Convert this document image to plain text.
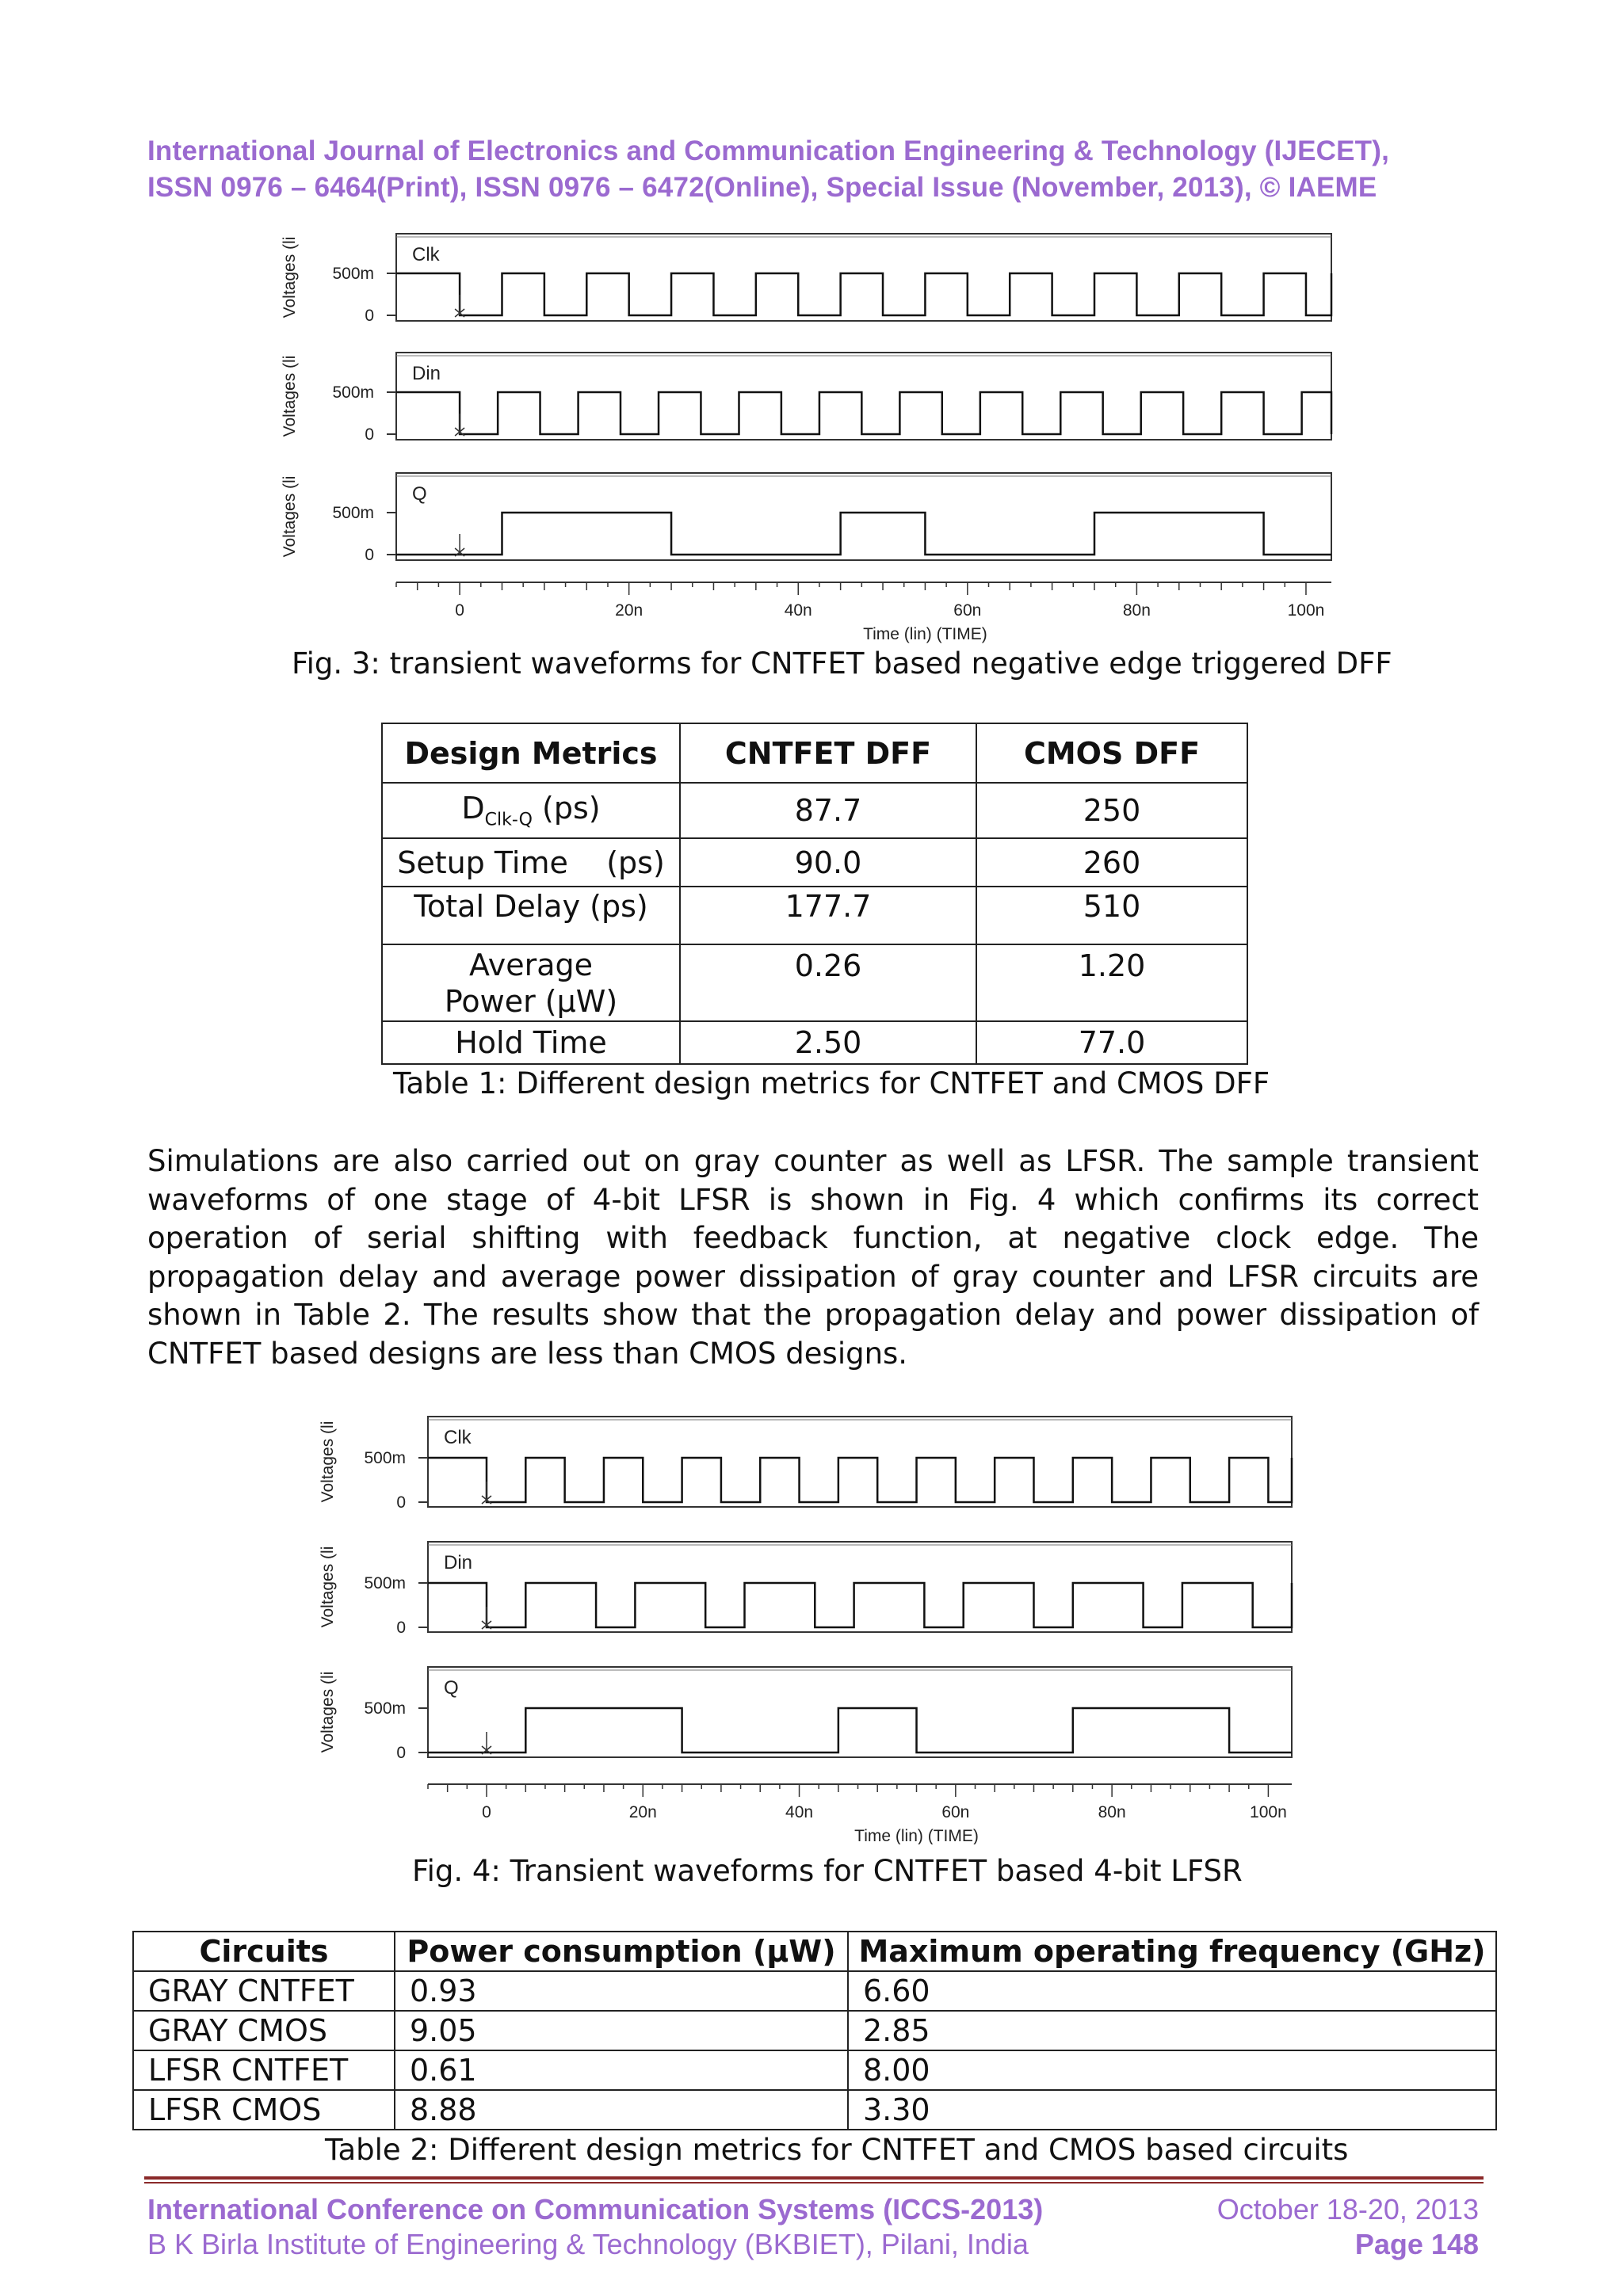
International Journal of Electronics and Communication Engineering & Technology (IJECET),
ISSN 0976 – 6464(Print), ISSN 0976 – 6472(Online), Special Issue (November, 2013), © IAEME
500m
0
Voltages (li	Clk
500m
0
Voltages (li	Din
500m
0
Voltages (li	Q
0	20n	40n	60n	80n	100n
Time (lin) (TIME)
Fig. 3: transient waveforms for CNTFET based negative edge triggered DFF
Design Metrics	CNTFET DFF	CMOS DFF
$D_{Clk-Q}$ (ps)	87.7	250
Setup Time    (ps)	90.0	260
Total Delay (ps)	177.7	510
Average  Power (μW)	0.26	1.20
Hold Time	2.50	77.0
Table 1: Different design metrics for CNTFET and CMOS DFF
Simulations are also carried out on gray counter as well as LFSR. The sample transient waveforms of one stage of 4-bit LFSR is shown in Fig. 4 which confirms its correct operation of serial shifting with feedback function, at negative clock edge. The propagation delay and average power dissipation of gray counter and LFSR circuits are shown in Table 2. The results show that the propagation delay and power dissipation of CNTFET based designs are less than CMOS designs.
500m
0
Voltages (li	Clk
500m
0
Voltages (li	Din
500m
0
Voltages (li	Q
0	20n	40n	60n	80n	100n
Time (lin) (TIME)
Fig. 4: Transient waveforms for CNTFET based 4-bit LFSR
Circuits	Power consumption (μW)	Maximum operating frequency (GHz)
GRAY CNTFET	0.93	6.60
GRAY CMOS	9.05	2.85
LFSR CNTFET	0.61	8.00
LFSR CMOS	8.88	3.30
Table 2: Different design metrics for CNTFET and CMOS based circuits
International Conference on Communication Systems (ICCS-2013)
B K Birla Institute of Engineering & Technology (BKBIET), Pilani, India
October 18-20, 2013
Page 148
